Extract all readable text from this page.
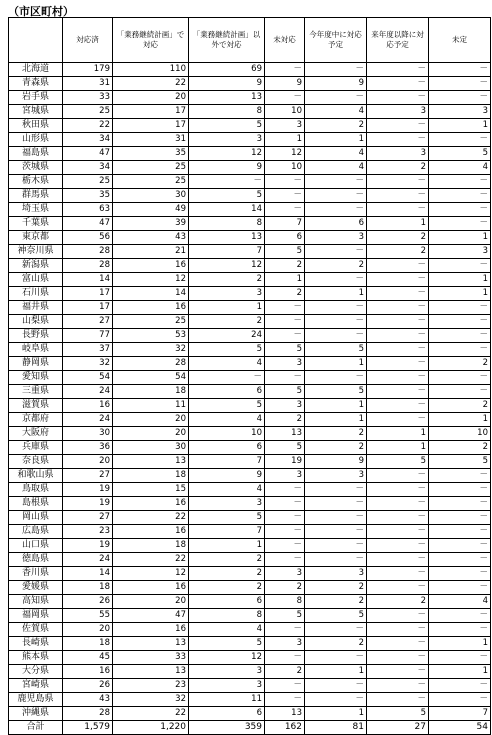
（市区町村）
	対応済	「業務継続計画」で対応	「業務継続計画」以外で対応	未対応	今年度中に対応予定	来年度以降に対応予定	未定
北海道	179	110	69	－	－	－	－
青森県	31	22	9	9	9	－	－
岩手県	33	20	13	－	－	－	－
宮城県	25	17	8	10	4	3	3
秋田県	22	17	5	3	2	－	1
山形県	34	31	3	1	1	－	－
福島県	47	35	12	12	4	3	5
茨城県	34	25	9	10	4	2	4
栃木県	25	25	－	－	－	－	－
群馬県	35	30	5	－	－	－	－
埼玉県	63	49	14	－	－	－	－
千葉県	47	39	8	7	6	1	－
東京都	56	43	13	6	3	2	1
神奈川県	28	21	7	5	－	2	3
新潟県	28	16	12	2	2	－	－
富山県	14	12	2	1	－	－	1
石川県	17	14	3	2	1	－	1
福井県	17	16	1	－	－	－	－
山梨県	27	25	2	－	－	－	－
長野県	77	53	24	－	－	－	－
岐阜県	37	32	5	5	5	－	－
静岡県	32	28	4	3	1	－	2
愛知県	54	54	－	－	－	－	－
三重県	24	18	6	5	5	－	－
滋賀県	16	11	5	3	1	－	2
京都府	24	20	4	2	1	－	1
大阪府	30	20	10	13	2	1	10
兵庫県	36	30	6	5	2	1	2
奈良県	20	13	7	19	9	5	5
和歌山県	27	18	9	3	3	－	－
鳥取県	19	15	4	－	－	－	－
島根県	19	16	3	－	－	－	－
岡山県	27	22	5	－	－	－	－
広島県	23	16	7	－	－	－	－
山口県	19	18	1	－	－	－	－
徳島県	24	22	2	－	－	－	－
香川県	14	12	2	3	3	－	－
愛媛県	18	16	2	2	2	－	－
高知県	26	20	6	8	2	2	4
福岡県	55	47	8	5	5	－	－
佐賀県	20	16	4	－	－	－	－
長崎県	18	13	5	3	2	－	1
熊本県	45	33	12	－	－	－	－
大分県	16	13	3	2	1	－	1
宮崎県	26	23	3	－	－	－	－
鹿児島県	43	32	11	－	－	－	－
沖縄県	28	22	6	13	1	5	7
合計	1,579	1,220	359	162	81	27	54
